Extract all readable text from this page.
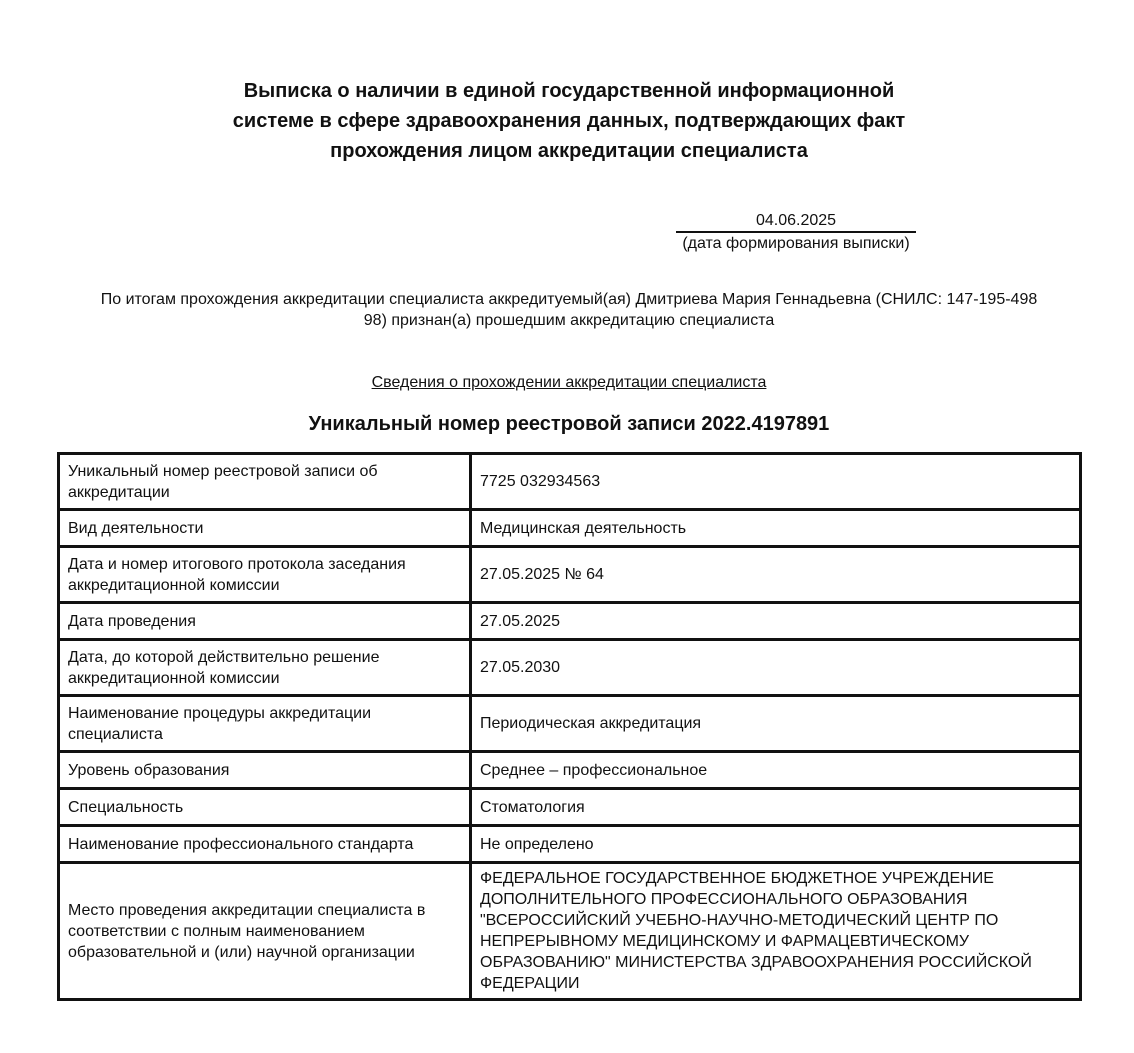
Выписка о наличии в единой государственной информационной
системе в сфере здравоохранения данных, подтверждающих факт
прохождения лицом аккредитации специалиста
04.06.2025
(дата формирования выписки)
По итогам прохождения аккредитации специалиста аккредитуемый(ая) Дмитриева Мария Геннадьевна (СНИЛС: 147-195-498
98) признан(а) прошедшим аккредитацию специалиста
Сведения о прохождении аккредитации специалиста
Уникальный номер реестровой записи 2022.4197891
Уникальный номер реестровой записи об аккредитации	7725 032934563
Вид деятельности	Медицинская деятельность
Дата и номер итогового протокола заседания аккредитационной комиссии	27.05.2025 № 64
Дата проведения	27.05.2025
Дата, до которой действительно решение аккредитационной комиссии	27.05.2030
Наименование процедуры аккредитации специалиста	Периодическая аккредитация
Уровень образования	Среднее – профессиональное
Специальность	Стоматология
Наименование профессионального стандарта	Не определено
Место проведения аккредитации специалиста в соответствии с полным наименованием образовательной и (или) научной организации	ФЕДЕРАЛЬНОЕ ГОСУДАРСТВЕННОЕ БЮДЖЕТНОЕ УЧРЕЖДЕНИЕ ДОПОЛНИТЕЛЬНОГО ПРОФЕССИОНАЛЬНОГО ОБРАЗОВАНИЯ "ВСЕРОССИЙСКИЙ УЧЕБНО-НАУЧНО-МЕТОДИЧЕСКИЙ ЦЕНТР ПО НЕПРЕРЫВНОМУ МЕДИЦИНСКОМУ И ФАРМАЦЕВТИЧЕСКОМУ ОБРАЗОВАНИЮ" МИНИСТЕРСТВА ЗДРАВООХРАНЕНИЯ РОССИЙСКОЙ ФЕДЕРАЦИИ
